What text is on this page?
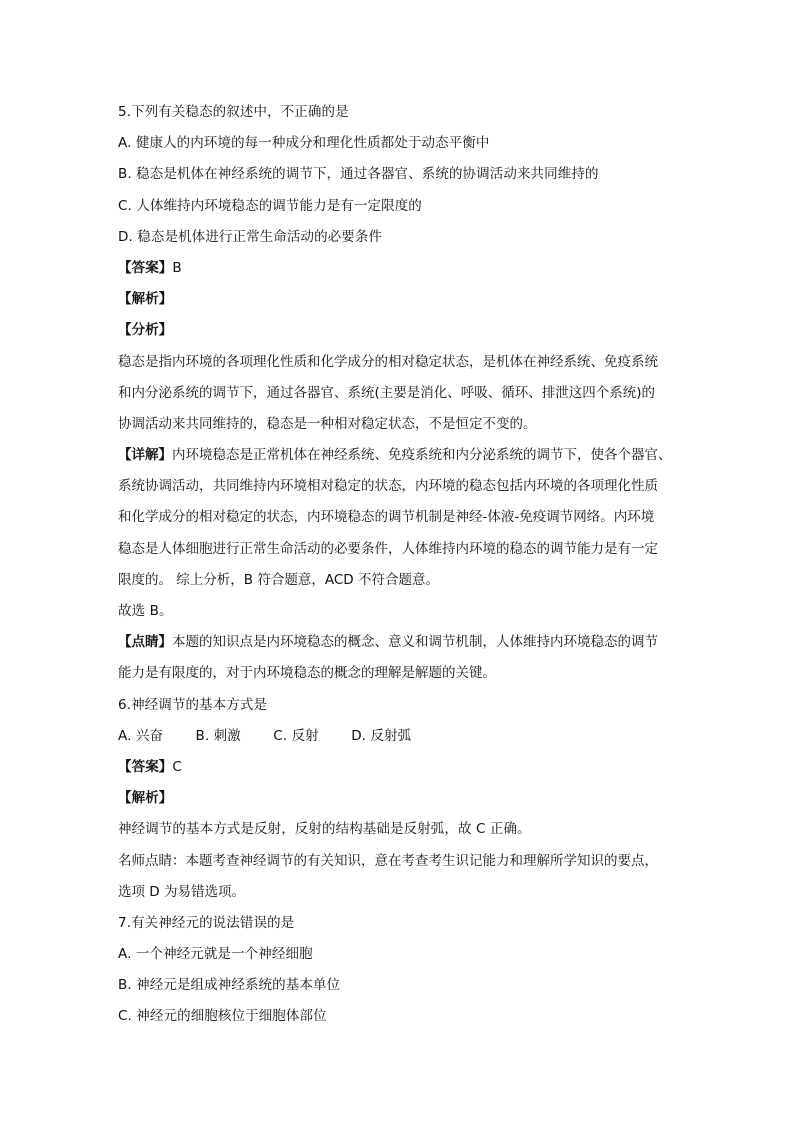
5.下列有关稳态的叙述中，不正确的是
A. 健康人的内环境的每一种成分和理化性质都处于动态平衡中
B. 稳态是机体在神经系统的调节下，通过各器官、系统的协调活动来共同维持的
C. 人体维持内环境稳态的调节能力是有一定限度的
D. 稳态是机体进行正常生命活动的必要条件
【答案】B
【解析】
【分析】
稳态是指内环境的各项理化性质和化学成分的相对稳定状态，是机体在神经系统、免疫系统
和内分泌系统的调节下，通过各器官、系统(主要是消化、呼吸、循环、排泄这四个系统)的
协调活动来共同维持的，稳态是一种相对稳定状态，不是恒定不变的。
【详解】内环境稳态是正常机体在神经系统、免疫系统和内分泌系统的调节下，使各个器官、
系统协调活动，共同维持内环境相对稳定的状态，内环境的稳态包括内环境的各项理化性质
和化学成分的相对稳定的状态，内环境稳态的调节机制是神经-体液-免疫调节网络。内环境
稳态是人体细胞进行正常生命活动的必要条件，人体维持内环境的稳态的调节能力是有一定
限度的。 综上分析，B 符合题意，ACD 不符合题意。
故选 B。
【点睛】本题的知识点是内环境稳态的概念、意义和调节机制，人体维持内环境稳态的调节
能力是有限度的，对于内环境稳态的概念的理解是解题的关键。
6.神经调节的基本方式是
A. 兴奋 B. 刺激 C. 反射 D. 反射弧
【答案】C
【解析】
神经调节的基本方式是反射，反射的结构基础是反射弧，故 C 正确。
名师点睛：本题考查神经调节的有关知识，意在考查考生识记能力和理解所学知识的要点，
选项 D 为易错选项。
7.有关神经元的说法错误的是
A. 一个神经元就是一个神经细胞
B. 神经元是组成神经系统的基本单位
C. 神经元的细胞核位于细胞体部位
